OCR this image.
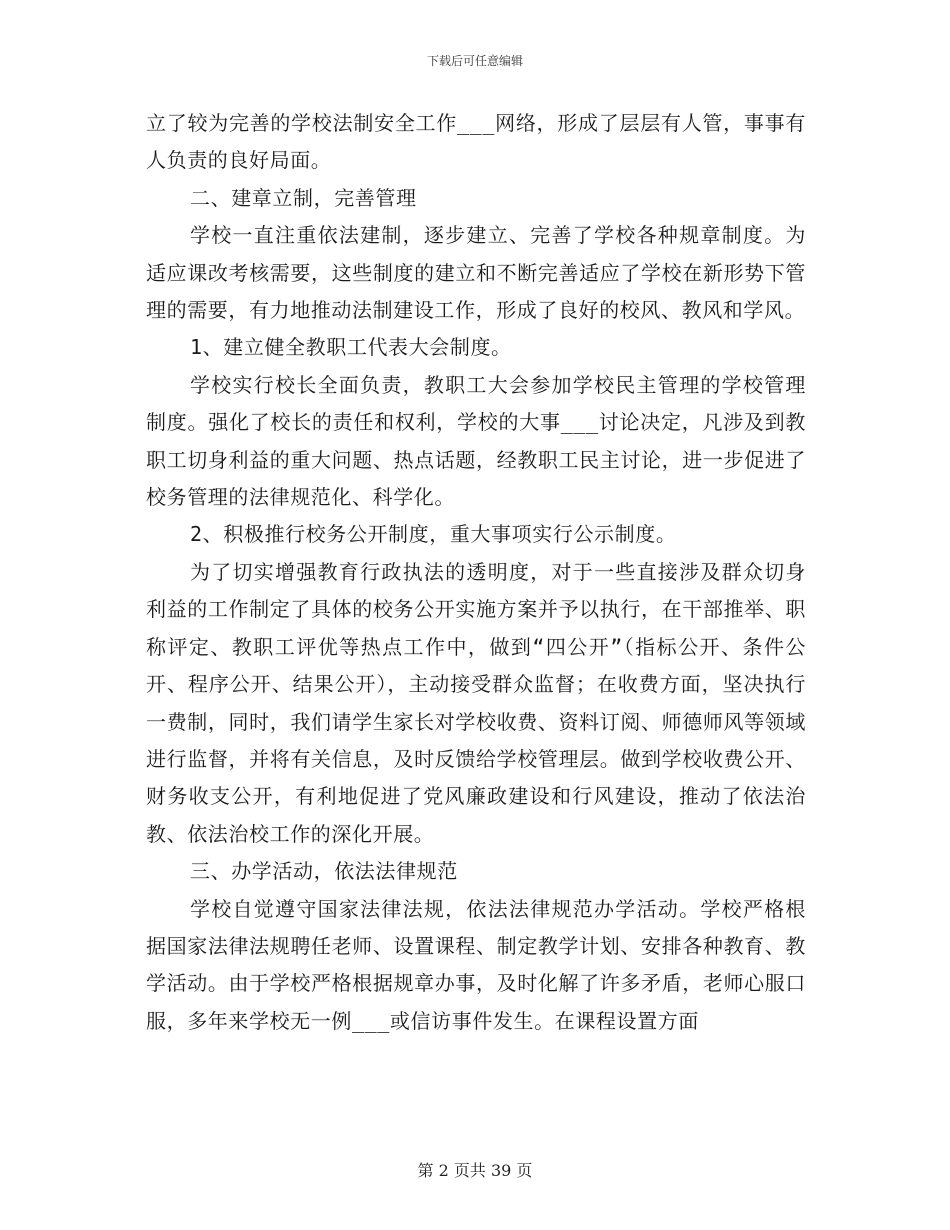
下载后可任意编辑

立了较为完善的学校法制安全工作___网络，形成了层层有人管，事事有人负责的良好局面。

二、建章立制，完善管理

学校一直注重依法建制，逐步建立、完善了学校各种规章制度。为适应课改考核需要，这些制度的建立和不断完善适应了学校在新形势下管理的需要，有力地推动法制建设工作，形成了良好的校风、教风和学风。

1、建立健全教职工代表大会制度。

学校实行校长全面负责，教职工大会参加学校民主管理的学校管理制度。强化了校长的责任和权利，学校的大事___讨论决定，凡涉及到教职工切身利益的重大问题、热点话题，经教职工民主讨论，进一步促进了校务管理的法律规范化、科学化。

2、积极推行校务公开制度，重大事项实行公示制度。

为了切实增强教育行政执法的透明度，对于一些直接涉及群众切身利益的工作制定了具体的校务公开实施方案并予以执行，在干部推举、职称评定、教职工评优等热点工作中，做到“四公开”（指标公开、条件公开、程序公开、结果公开），主动接受群众监督；在收费方面，坚决执行一费制，同时，我们请学生家长对学校收费、资料订阅、师德师风等领域进行监督，并将有关信息，及时反馈给学校管理层。做到学校收费公开、财务收支公开，有利地促进了党风廉政建设和行风建设，推动了依法治教、依法治校工作的深化开展。

三、办学活动，依法法律规范

学校自觉遵守国家法律法规，依法法律规范办学活动。学校严格根据国家法律法规聘任老师、设置课程、制定教学计划、安排各种教育、教学活动。由于学校严格根据规章办事，及时化解了许多矛盾，老师心服口服，多年来学校无一例___或信访事件发生。在课程设置方面

第 2 页共 39 页
